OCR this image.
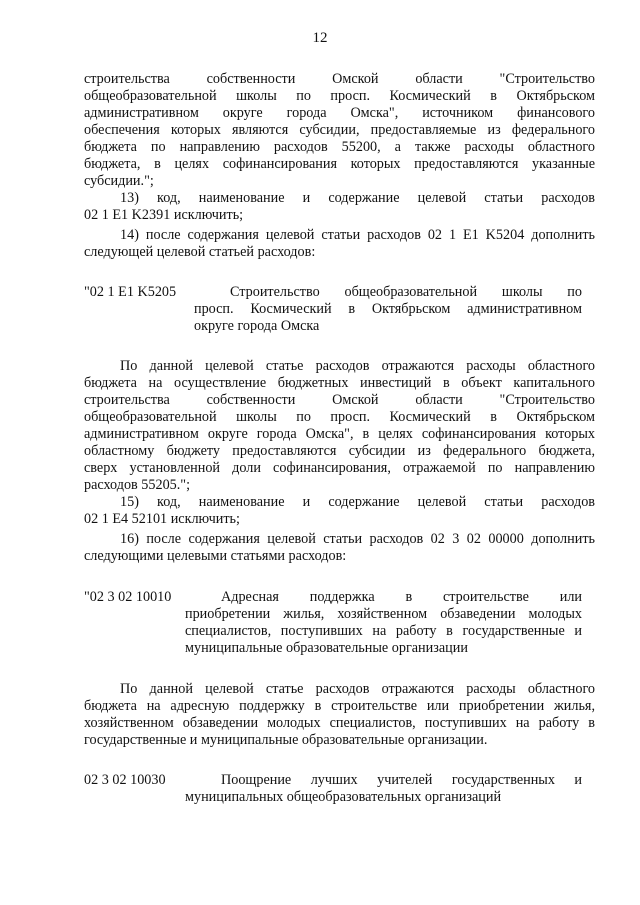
12
строительства собственности Омской области "Строительство
общеобразовательной школы по просп. Космический в Октябрьском
административном округе города Омска", источником финансового
обеспечения которых являются субсидии, предоставляемые из федерального
бюджета по направлению расходов 55200, а также расходы областного
бюджета, в целях софинансирования которых предоставляются указанные
субсидии.";
13) код, наименование и содержание целевой статьи расходов
02 1 E1 K2391 исключить;
14) после содержания целевой статьи расходов 02 1 E1 K5204 дополнить
следующей целевой статьей расходов:
"02 1 E1 K5205	Строительство общеобразовательной школы по
просп. Космический в Октябрьском административном
округе города Омска
По данной целевой статье расходов отражаются расходы областного
бюджета на осуществление бюджетных инвестиций в объект капитального
строительства собственности Омской области "Строительство
общеобразовательной школы по просп. Космический в Октябрьском
административном округе города Омска", в целях софинансирования которых
областному бюджету предоставляются субсидии из федерального бюджета,
сверх установленной доли софинансирования, отражаемой по направлению
расходов 55205.";
15) код, наименование и содержание целевой статьи расходов
02 1 E4 52101 исключить;
16) после содержания целевой статьи расходов 02 3 02 00000 дополнить
следующими целевыми статьями расходов:
"02 3 02 10010	Адресная поддержка в строительстве или
приобретении жилья, хозяйственном обзаведении молодых
специалистов, поступивших на работу в государственные и
муниципальные образовательные организации
По данной целевой статье расходов отражаются расходы областного
бюджета на адресную поддержку в строительстве или приобретении жилья,
хозяйственном обзаведении молодых специалистов, поступивших на работу в
государственные и муниципальные образовательные организации.
02 3 02 10030	Поощрение лучших учителей государственных и
муниципальных общеобразовательных организаций
